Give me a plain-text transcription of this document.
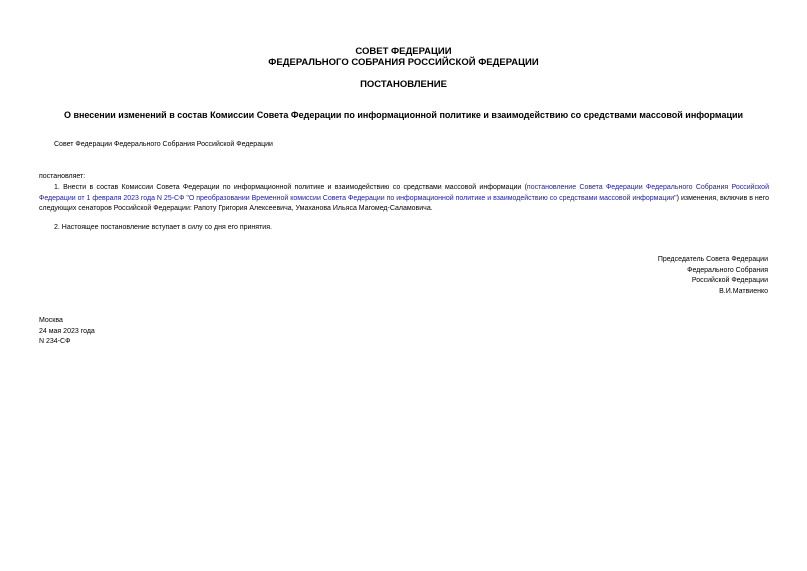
СОВЕТ ФЕДЕРАЦИИ
ФЕДЕРАЛЬНОГО СОБРАНИЯ РОССИЙСКОЙ ФЕДЕРАЦИИ
ПОСТАНОВЛЕНИЕ
О внесении изменений в состав Комиссии Совета Федерации по информационной политике и взаимодействию со средствами массовой информации
Совет Федерации Федерального Собрания Российской Федерации
постановляет:
1. Внести в состав Комиссии Совета Федерации по информационной политике и взаимодействию со средствами массовой информации (постановление Совета Федерации Федерального Собрания Российской Федерации от 1 февраля 2023 года N 25-СФ "О преобразовании Временной комиссии Совета Федерации по информационной политике и взаимодействию со средствами массовой информации") изменения, включив в него следующих сенаторов Российской Федерации: Рапоту Григория Алексеевича, Умаханова Ильяса Магомед-Саламовича.
2. Настоящее постановление вступает в силу со дня его принятия.
Председатель Совета Федерации
Федерального Собрания
Российской Федерации
В.И.Матвиенко
Москва
24 мая 2023 года
N 234-СФ
